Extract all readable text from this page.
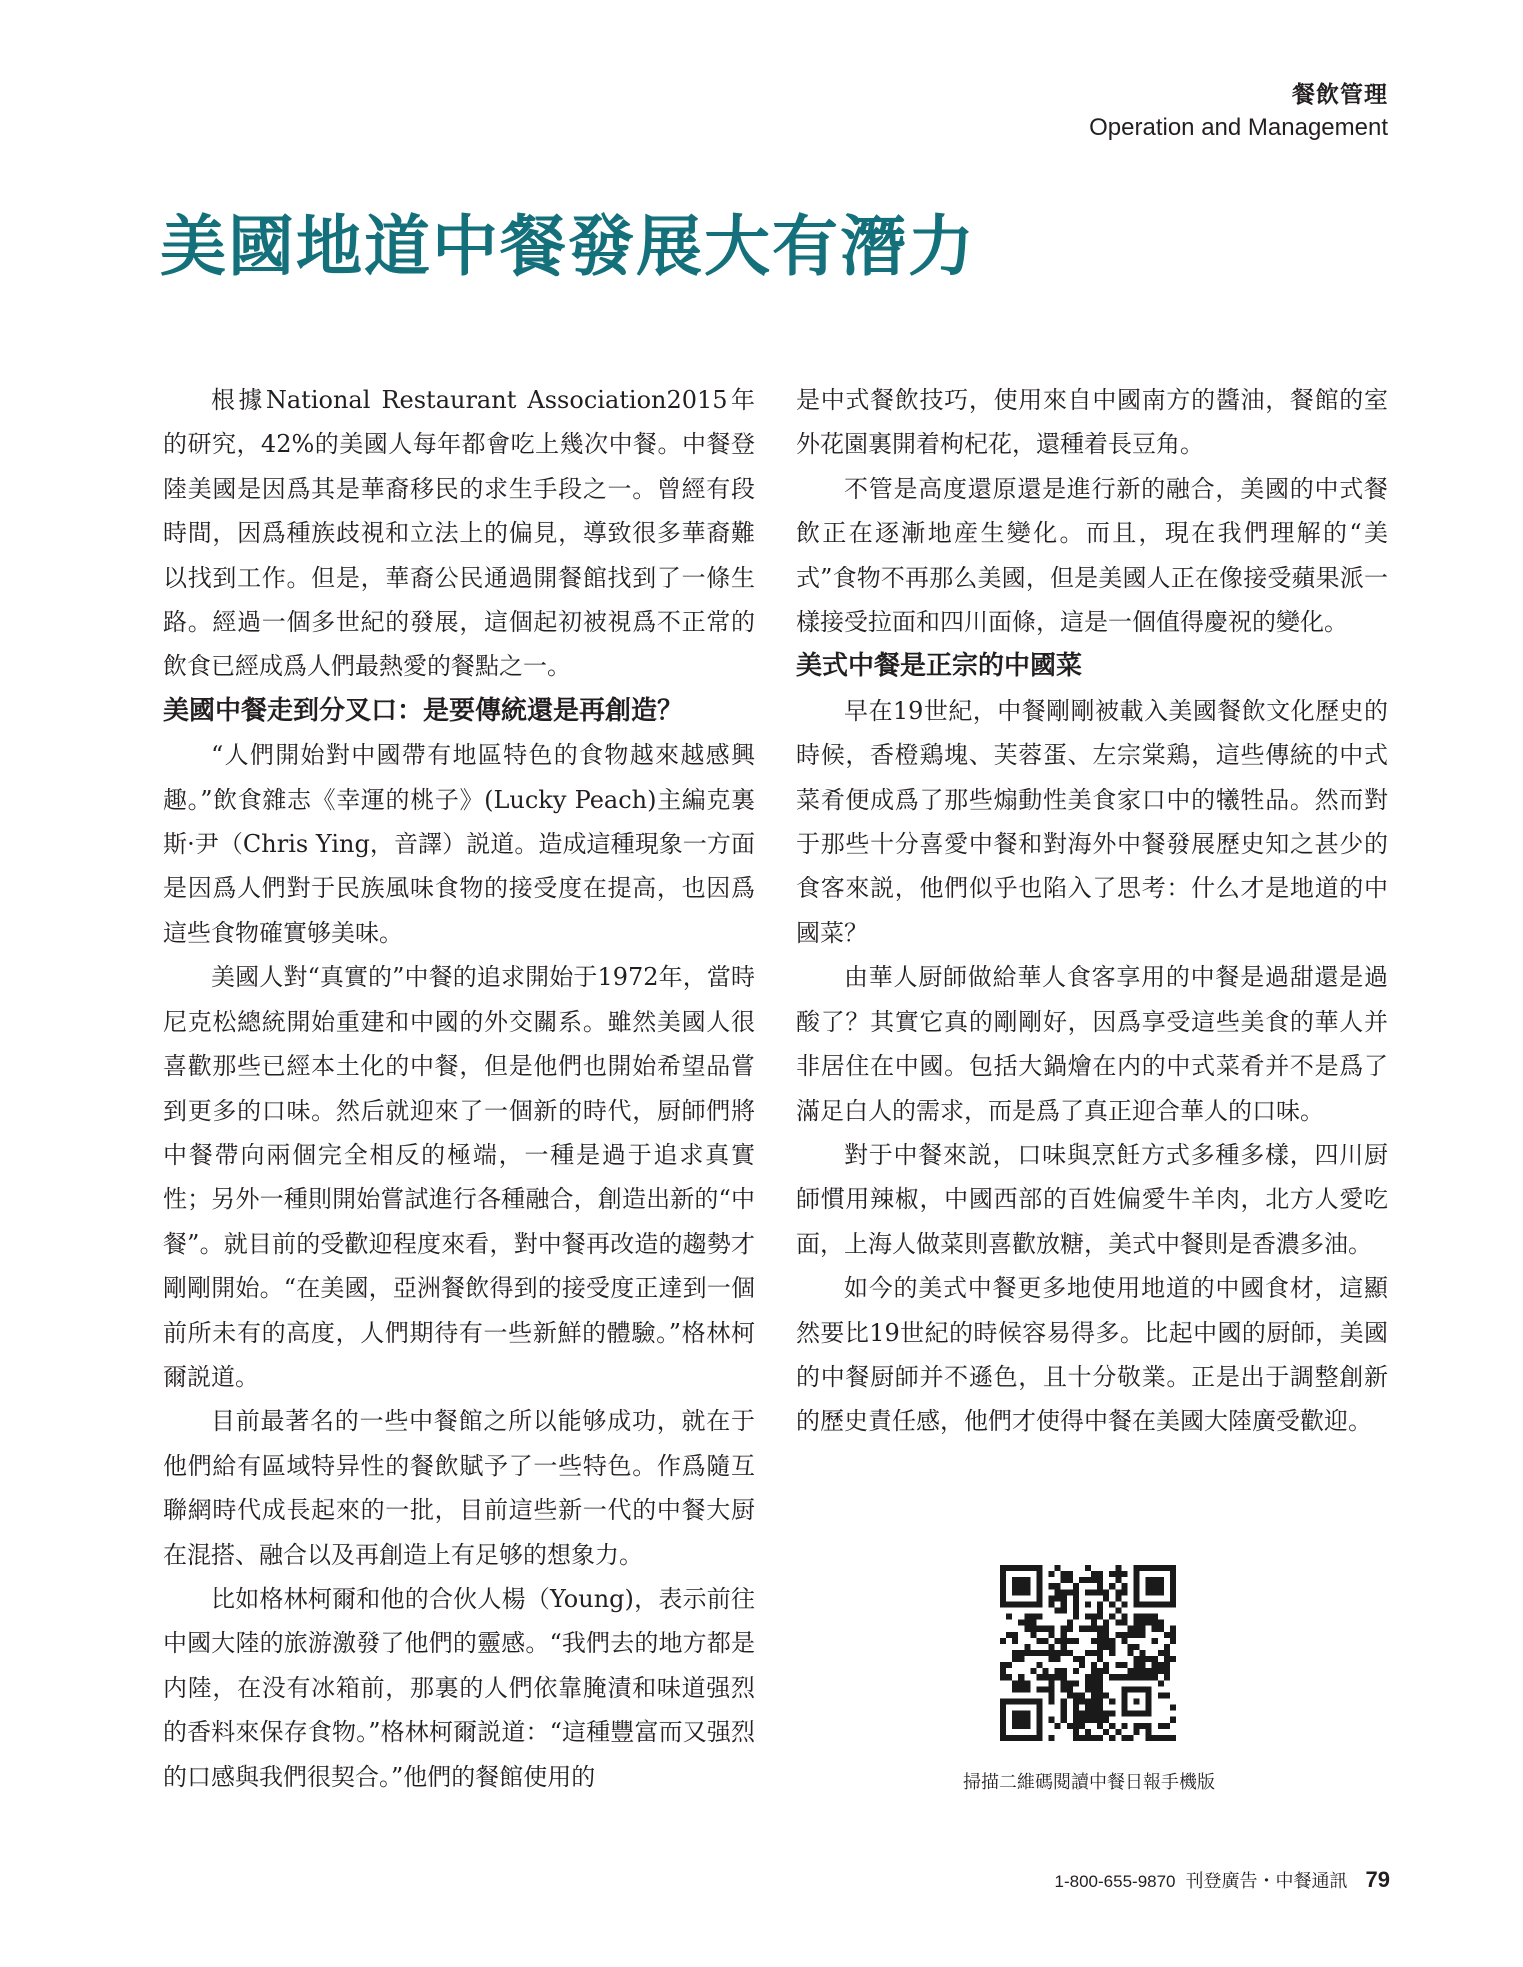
餐飲管理
Operation and Management
美國地道中餐發展大有潛力

根據National Restaurant Association2015年的研究，42%的美國人每年都會吃上幾次中餐。中餐登陸美國是因爲其是華裔移民的求生手段之一。曾經有段時間，因爲種族歧視和立法上的偏見，導致很多華裔難以找到工作。但是，華裔公民通過開餐館找到了一條生路。經過一個多世紀的發展，這個起初被視爲不正常的飲食已經成爲人們最熱愛的餐點之一。

美國中餐走到分叉口：是要傳統還是再創造？

“人們開始對中國帶有地區特色的食物越來越感興趣。”飲食雜志《幸運的桃子》(Lucky Peach)主編克裏斯·尹（Chris Ying，音譯）説道。造成這種現象一方面是因爲人們對于民族風味食物的接受度在提高，也因爲這些食物確實够美味。

美國人對“真實的”中餐的追求開始于1972年，當時尼克松總統開始重建和中國的外交關系。雖然美國人很喜歡那些已經本土化的中餐，但是他們也開始希望品嘗到更多的口味。然后就迎來了一個新的時代，厨師們將中餐帶向兩個完全相反的極端，一種是過于追求真實性；另外一種則開始嘗試進行各種融合，創造出新的“中餐”。就目前的受歡迎程度來看，對中餐再改造的趨勢才剛剛開始。“在美國，亞洲餐飲得到的接受度正達到一個前所未有的高度，人們期待有一些新鮮的體驗。”格林柯爾説道。

目前最著名的一些中餐館之所以能够成功，就在于他們給有區域特异性的餐飲賦予了一些特色。作爲隨互聯網時代成長起來的一批，目前這些新一代的中餐大厨在混搭、融合以及再創造上有足够的想象力。

比如格林柯爾和他的合伙人楊（Young)，表示前往中國大陸的旅游激發了他們的靈感。“我們去的地方都是内陸，在没有冰箱前，那裏的人們依靠腌漬和味道强烈的香料來保存食物。”格林柯爾説道：“這種豐富而又强烈的口感與我們很契合。”他們的餐館使用的

是中式餐飲技巧，使用來自中國南方的醬油，餐館的室外花園裏開着枸杞花，還種着長豆角。

不管是高度還原還是進行新的融合，美國的中式餐飲正在逐漸地産生變化。而且，現在我們理解的“美式”食物不再那么美國，但是美國人正在像接受蘋果派一樣接受拉面和四川面條，這是一個值得慶祝的變化。

美式中餐是正宗的中國菜

早在19世紀，中餐剛剛被載入美國餐飲文化歷史的時候，香橙鶏塊、芙蓉蛋、左宗棠鶏，這些傳統的中式菜肴便成爲了那些煽動性美食家口中的犧牲品。然而對于那些十分喜愛中餐和對海外中餐發展歷史知之甚少的食客來説，他們似乎也陷入了思考：什么才是地道的中國菜？

由華人厨師做給華人食客享用的中餐是過甜還是過酸了？其實它真的剛剛好，因爲享受這些美食的華人并非居住在中國。包括大鍋燴在内的中式菜肴并不是爲了滿足白人的需求，而是爲了真正迎合華人的口味。

對于中餐來説，口味與烹飪方式多種多樣，四川厨師慣用辣椒，中國西部的百姓偏愛牛羊肉，北方人愛吃面，上海人做菜則喜歡放糖，美式中餐則是香濃多油。

如今的美式中餐更多地使用地道的中國食材，這顯然要比19世紀的時候容易得多。比起中國的厨師，美國的中餐厨師并不遜色，且十分敬業。正是出于調整創新的歷史責任感，他們才使得中餐在美國大陸廣受歡迎。

掃描二維碼閱讀中餐日報手機版
1-800-655-9870 刊登廣告・中餐通訊 79
